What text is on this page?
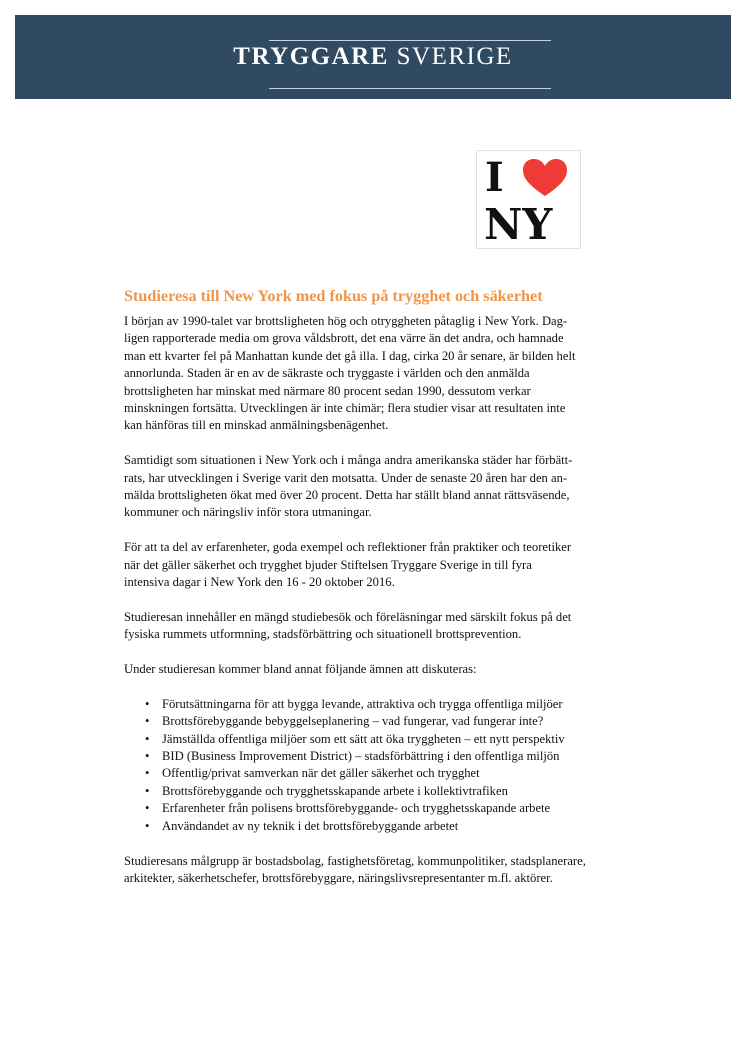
TRYGGARE SVERIGE
I
NY
Studieresa till New York med fokus på trygghet och säkerhet

I början av 1990-talet var brottsligheten hög och otryggheten påtaglig i New York. Dag-
ligen rapporterade media om grova våldsbrott, det ena värre än det andra, och hamnade
man ett kvarter fel på Manhattan kunde det gå illa. I dag, cirka 20 år senare, är bilden helt
annorlunda. Staden är en av de säkraste och tryggaste i världen och den anmälda
brottsligheten har minskat med närmare 80 procent sedan 1990, dessutom verkar
minskningen fortsätta. Utvecklingen är inte chimär; flera studier visar att resultaten inte
kan hänföras till en minskad anmälningsbenägenhet.

Samtidigt som situationen i New York och i många andra amerikanska städer har förbätt-
rats, har utvecklingen i Sverige varit den motsatta. Under de senaste 20 åren har den an-
mälda brottsligheten ökat med över 20 procent. Detta har ställt bland annat rättsväsende,
kommuner och näringsliv inför stora utmaningar.

För att ta del av erfarenheter, goda exempel och reflektioner från praktiker och teoretiker
när det gäller säkerhet och trygghet bjuder Stiftelsen Tryggare Sverige in till fyra
intensiva dagar i New York den 16 - 20 oktober 2016.

Studieresan innehåller en mängd studiebesök och föreläsningar med särskilt fokus på det
fysiska rummets utformning, stadsförbättring och situationell brottsprevention.

Under studieresan kommer bland annat följande ämnen att diskuteras:

• Förutsättningarna för att bygga levande, attraktiva och trygga offentliga miljöer
• Brottsförebyggande bebyggelseplanering – vad fungerar, vad fungerar inte?
• Jämställda offentliga miljöer som ett sätt att öka tryggheten – ett nytt perspektiv
• BID (Business Improvement District) – stadsförbättring i den offentliga miljön
• Offentlig/privat samverkan när det gäller säkerhet och trygghet
• Brottsförebyggande och trygghetsskapande arbete i kollektivtrafiken
• Erfarenheter från polisens brottsförebyggande- och trygghetsskapande arbete
• Användandet av ny teknik i det brottsförebyggande arbetet

Studieresans målgrupp är bostadsbolag, fastighetsföretag, kommunpolitiker, stadsplanerare,
arkitekter, säkerhetschefer, brottsförebyggare, näringslivsrepresentanter m.fl. aktörer.
